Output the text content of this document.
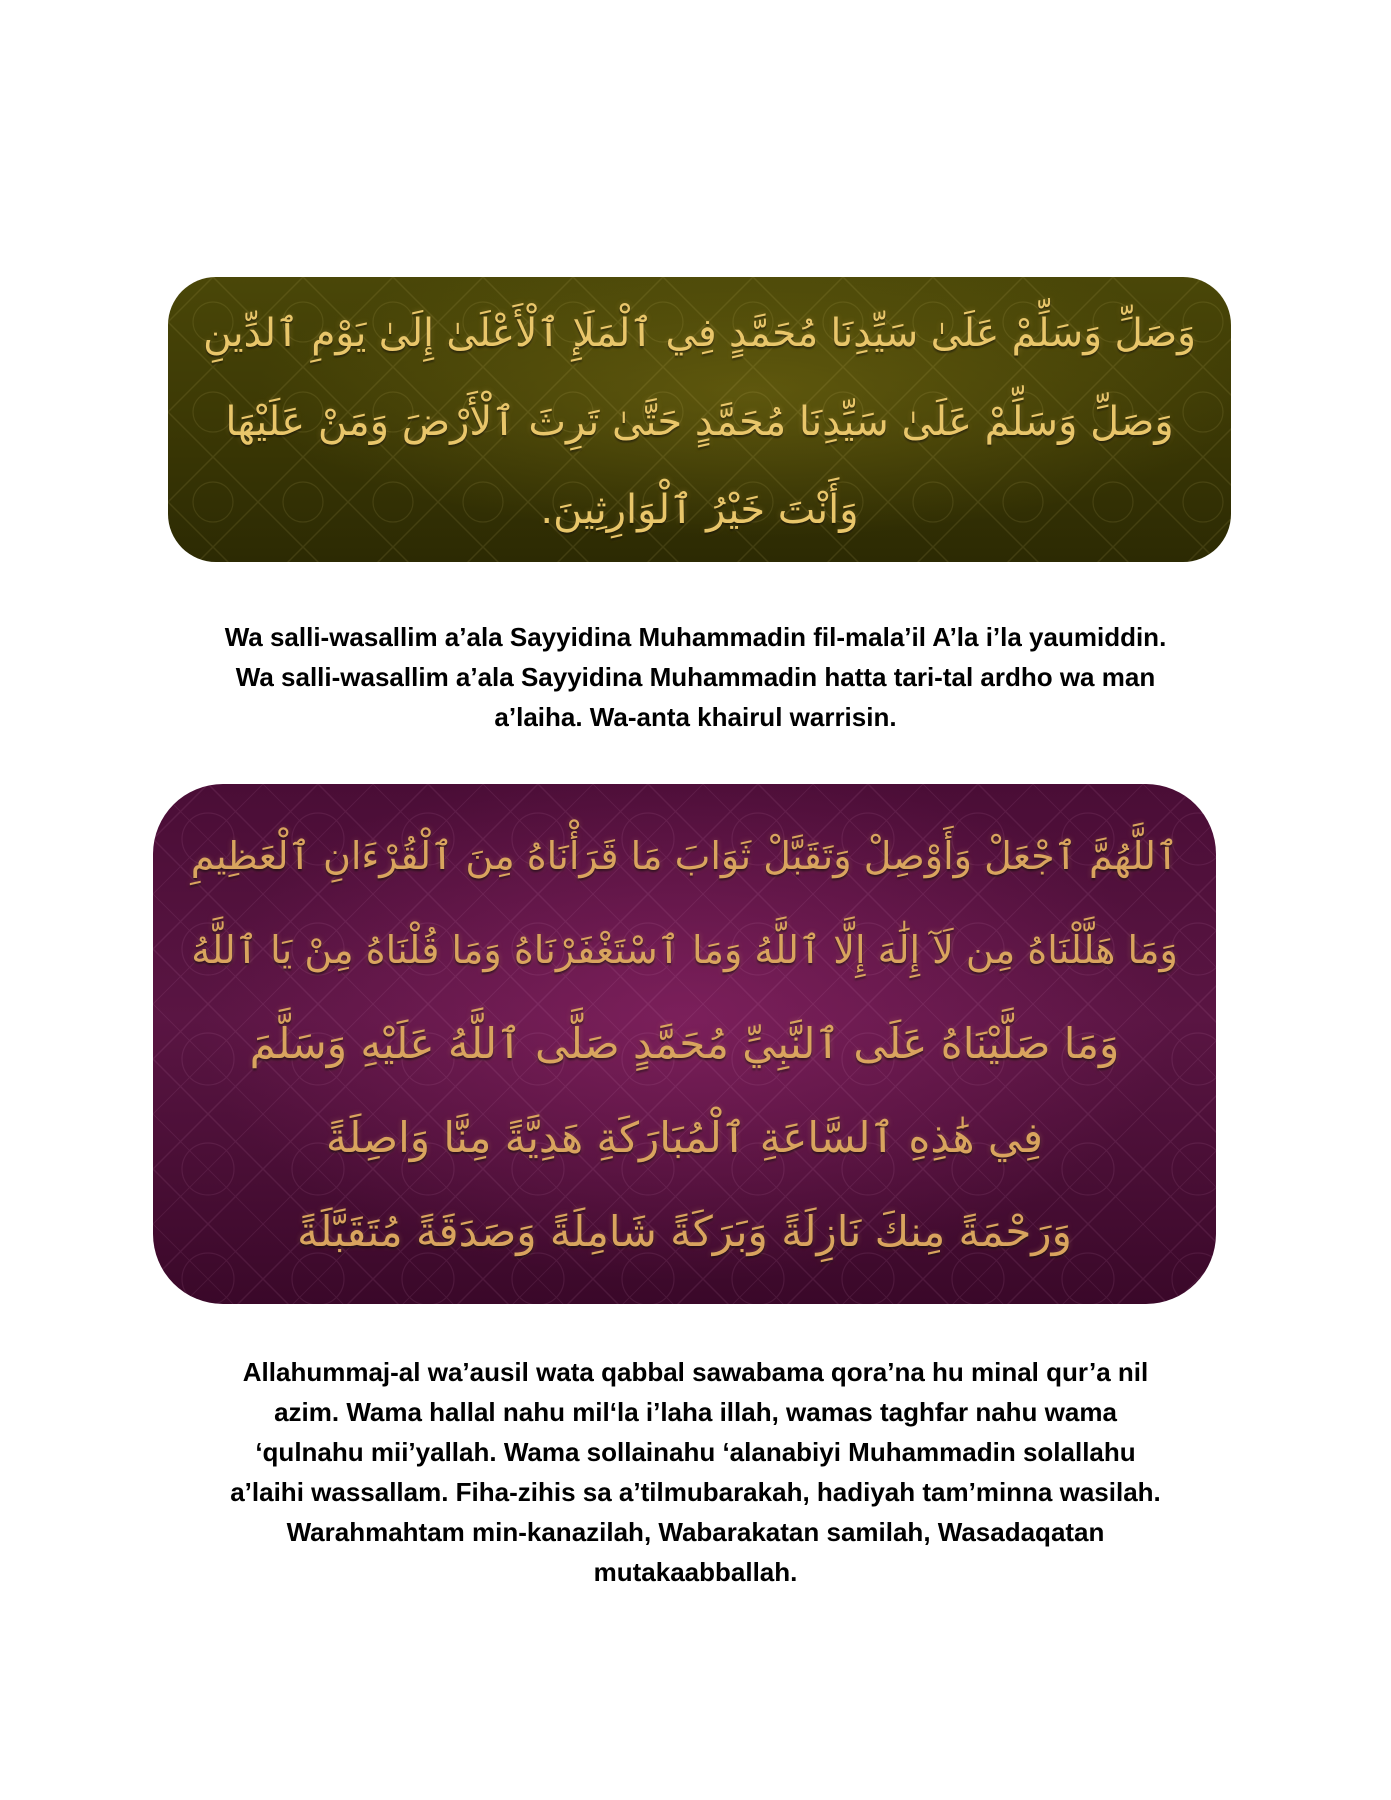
وَصَلِّ وَسَلِّمْ عَلَىٰ سَيِّدِنَا مُحَمَّدٍ فِي ٱلْمَلَإِ ٱلْأَعْلَىٰ إِلَىٰ يَوْمِ ٱلدِّينِ
وَصَلِّ وَسَلِّمْ عَلَىٰ سَيِّدِنَا مُحَمَّدٍ حَتَّىٰ تَرِثَ ٱلْأَرْضَ وَمَنْ عَلَيْهَا
وَأَنْتَ خَيْرُ ٱلْوَارِثِينَ.

Wa salli-wasallim a’ala Sayyidina Muhammadin fil-mala’il A’la i’la yaumiddin.
Wa salli-wasallim a’ala Sayyidina Muhammadin hatta tari-tal ardho wa man
a’laiha. Wa-anta khairul warrisin.

ٱللَّهُمَّ ٱجْعَلْ وَأَوْصِلْ وَتَقَبَّلْ ثَوَابَ مَا قَرَأْنَاهُ مِنَ ٱلْقُرْءَانِ ٱلْعَظِيمِ
وَمَا هَلَّلْنَاهُ مِن لَآ إِلَٰهَ إِلَّا ٱللَّهُ وَمَا ٱسْتَغْفَرْنَاهُ وَمَا قُلْنَاهُ مِنْ يَا ٱللَّهُ
وَمَا صَلَّيْنَاهُ عَلَى ٱلنَّبِيِّ مُحَمَّدٍ صَلَّى ٱللَّهُ عَلَيْهِ وَسَلَّمَ
فِي هَٰذِهِ ٱلسَّاعَةِ ٱلْمُبَارَكَةِ هَدِيَّةً مِنَّا وَاصِلَةً
وَرَحْمَةً مِنكَ نَازِلَةً وَبَرَكَةً شَامِلَةً وَصَدَقَةً مُتَقَبَّلَةً

Allahummaj-al wa’ausil wata qabbal sawabama qora’na hu minal qur’a nil
azim. Wama hallal nahu mil‘la i’laha illah, wamas taghfar nahu wama
‘qulnahu mii’yallah. Wama sollainahu ‘alanabiyi Muhammadin solallahu
a’laihi wassallam. Fiha-zihis sa a’tilmubarakah, hadiyah tam’minna wasilah.
Warahmahtam min-kanazilah, Wabarakatan samilah, Wasadaqatan
mutakaabballah.
